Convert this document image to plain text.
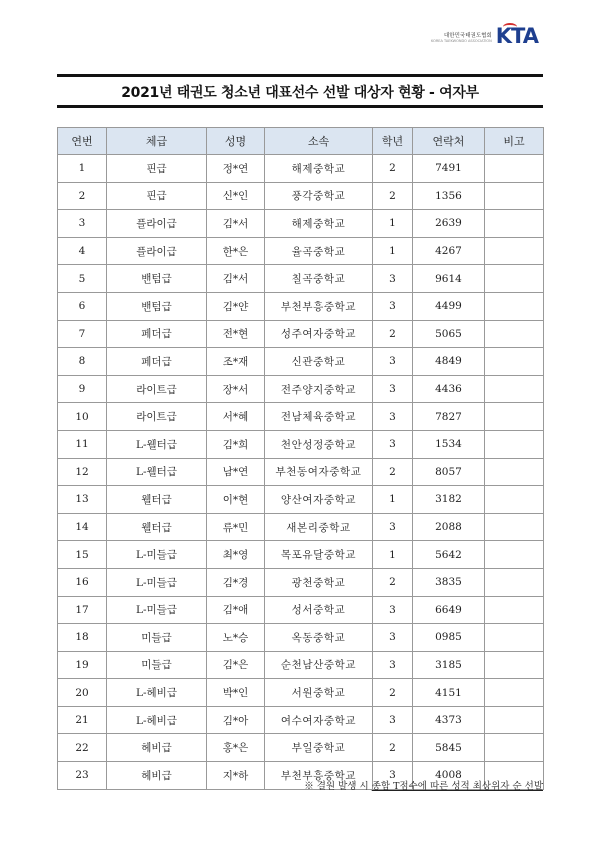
대한민국태권도협회
KOREA TAEKWONDO ASSOCIATION KTA
2021년 태권도 청소년 대표선수 선발 대상자 현황 - 여자부
연번	체급	성명	소속	학년	연락처	비고
1	핀급	정*연	해제중학교	2	7491	
2	핀급	신*인	풍각중학교	2	1356	
3	플라이급	김*서	해제중학교	1	2639	
4	플라이급	한*은	율곡중학교	1	4267	
5	밴텀급	김*서	칠곡중학교	3	9614	
6	밴텀급	김*얀	부천부흥중학교	3	4499	
7	페더급	전*현	성주여자중학교	2	5065	
8	페더급	조*재	신관중학교	3	4849	
9	라이트급	장*서	전주양지중학교	3	4436	
10	라이트급	서*혜	전남체육중학교	3	7827	
11	L-웰터급	김*희	천안성정중학교	3	1534	
12	L-웰터급	남*연	부천동여자중학교	2	8057	
13	웰터급	이*현	양산여자중학교	1	3182	
14	웰터급	류*민	새본리중학교	3	2088	
15	L-미들급	최*영	목포유달중학교	1	5642	
16	L-미들급	김*경	광천중학교	2	3835	
17	L-미들급	김*애	성서중학교	3	6649	
18	미들급	노*승	옥동중학교	3	0985	
19	미들급	김*은	순천남산중학교	3	3185	
20	L-헤비급	박*인	서원중학교	2	4151	
21	L-헤비급	김*아	여수여자중학교	3	4373	
22	헤비급	홍*은	부일중학교	2	5845	
23	헤비급	지*하	부천부흥중학교	3	4008	
※ 결원 발생 시 종합 T점수에 따른 성적 최상위자 순 선발
